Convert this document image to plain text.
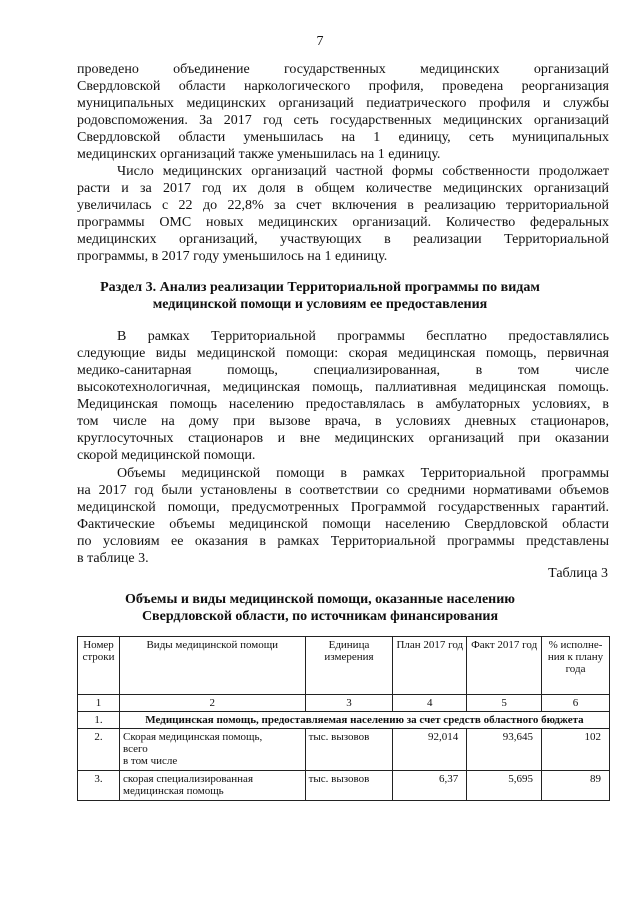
7
проведено объединение государственных медицинских организаций
Свердловской области наркологического профиля, проведена реорганизация
муниципальных медицинских организаций педиатрического профиля и службы
родовспоможения. За 2017 год сеть государственных медицинских организаций
Свердловской области уменьшилась на 1 единицу, сеть муниципальных
медицинских организаций также уменьшилась на 1 единицу.
Число медицинских организаций частной формы собственности продолжает
расти и за 2017 год их доля в общем количестве медицинских организаций
увеличилась с 22 до 22,8% за счет включения в реализацию территориальной
программы ОМС новых медицинских организаций. Количество федеральных
медицинских организаций, участвующих в реализации Территориальной
программы, в 2017 году уменьшилось на 1 единицу.
Раздел 3. Анализ реализации Территориальной программы по видам
медицинской помощи и условиям ее предоставления
В рамках Территориальной программы бесплатно предоставлялись
следующие виды медицинской помощи: скорая медицинская помощь, первичная
медико-санитарная помощь, специализированная, в том числе
высокотехнологичная, медицинская помощь, паллиативная медицинская помощь.
Медицинская помощь населению предоставлялась в амбулаторных условиях, в
том числе на дому при вызове врача, в условиях дневных стационаров,
круглосуточных стационаров и вне медицинских организаций при оказании
скорой медицинской помощи.
Объемы медицинской помощи в рамках Территориальной программы
на 2017 год были установлены в соответствии со средними нормативами объемов
медицинской помощи, предусмотренных Программой государственных гарантий.
Фактические объемы медицинской помощи населению Свердловской области
по условиям ее оказания в рамках Территориальной программы представлены
в таблице 3.
Таблица 3
Объемы и виды медицинской помощи, оказанные населению
Свердловской области, по источникам финансирования
Номер строки	Виды медицинской помощи	Единица измерения	План 2017 год	Факт 2017 год	% исполне-ния к плану года
1	2	3	4	5	6
1.	Медицинская помощь, предоставляемая населению за счет средств областного бюджета				
2.	Скорая медицинская помощь,
всего
в том числе	тыс. вызовов	92,014	93,645	102
3.	скорая специализированная
медицинская помощь	тыс. вызовов	6,37	5,695	89
